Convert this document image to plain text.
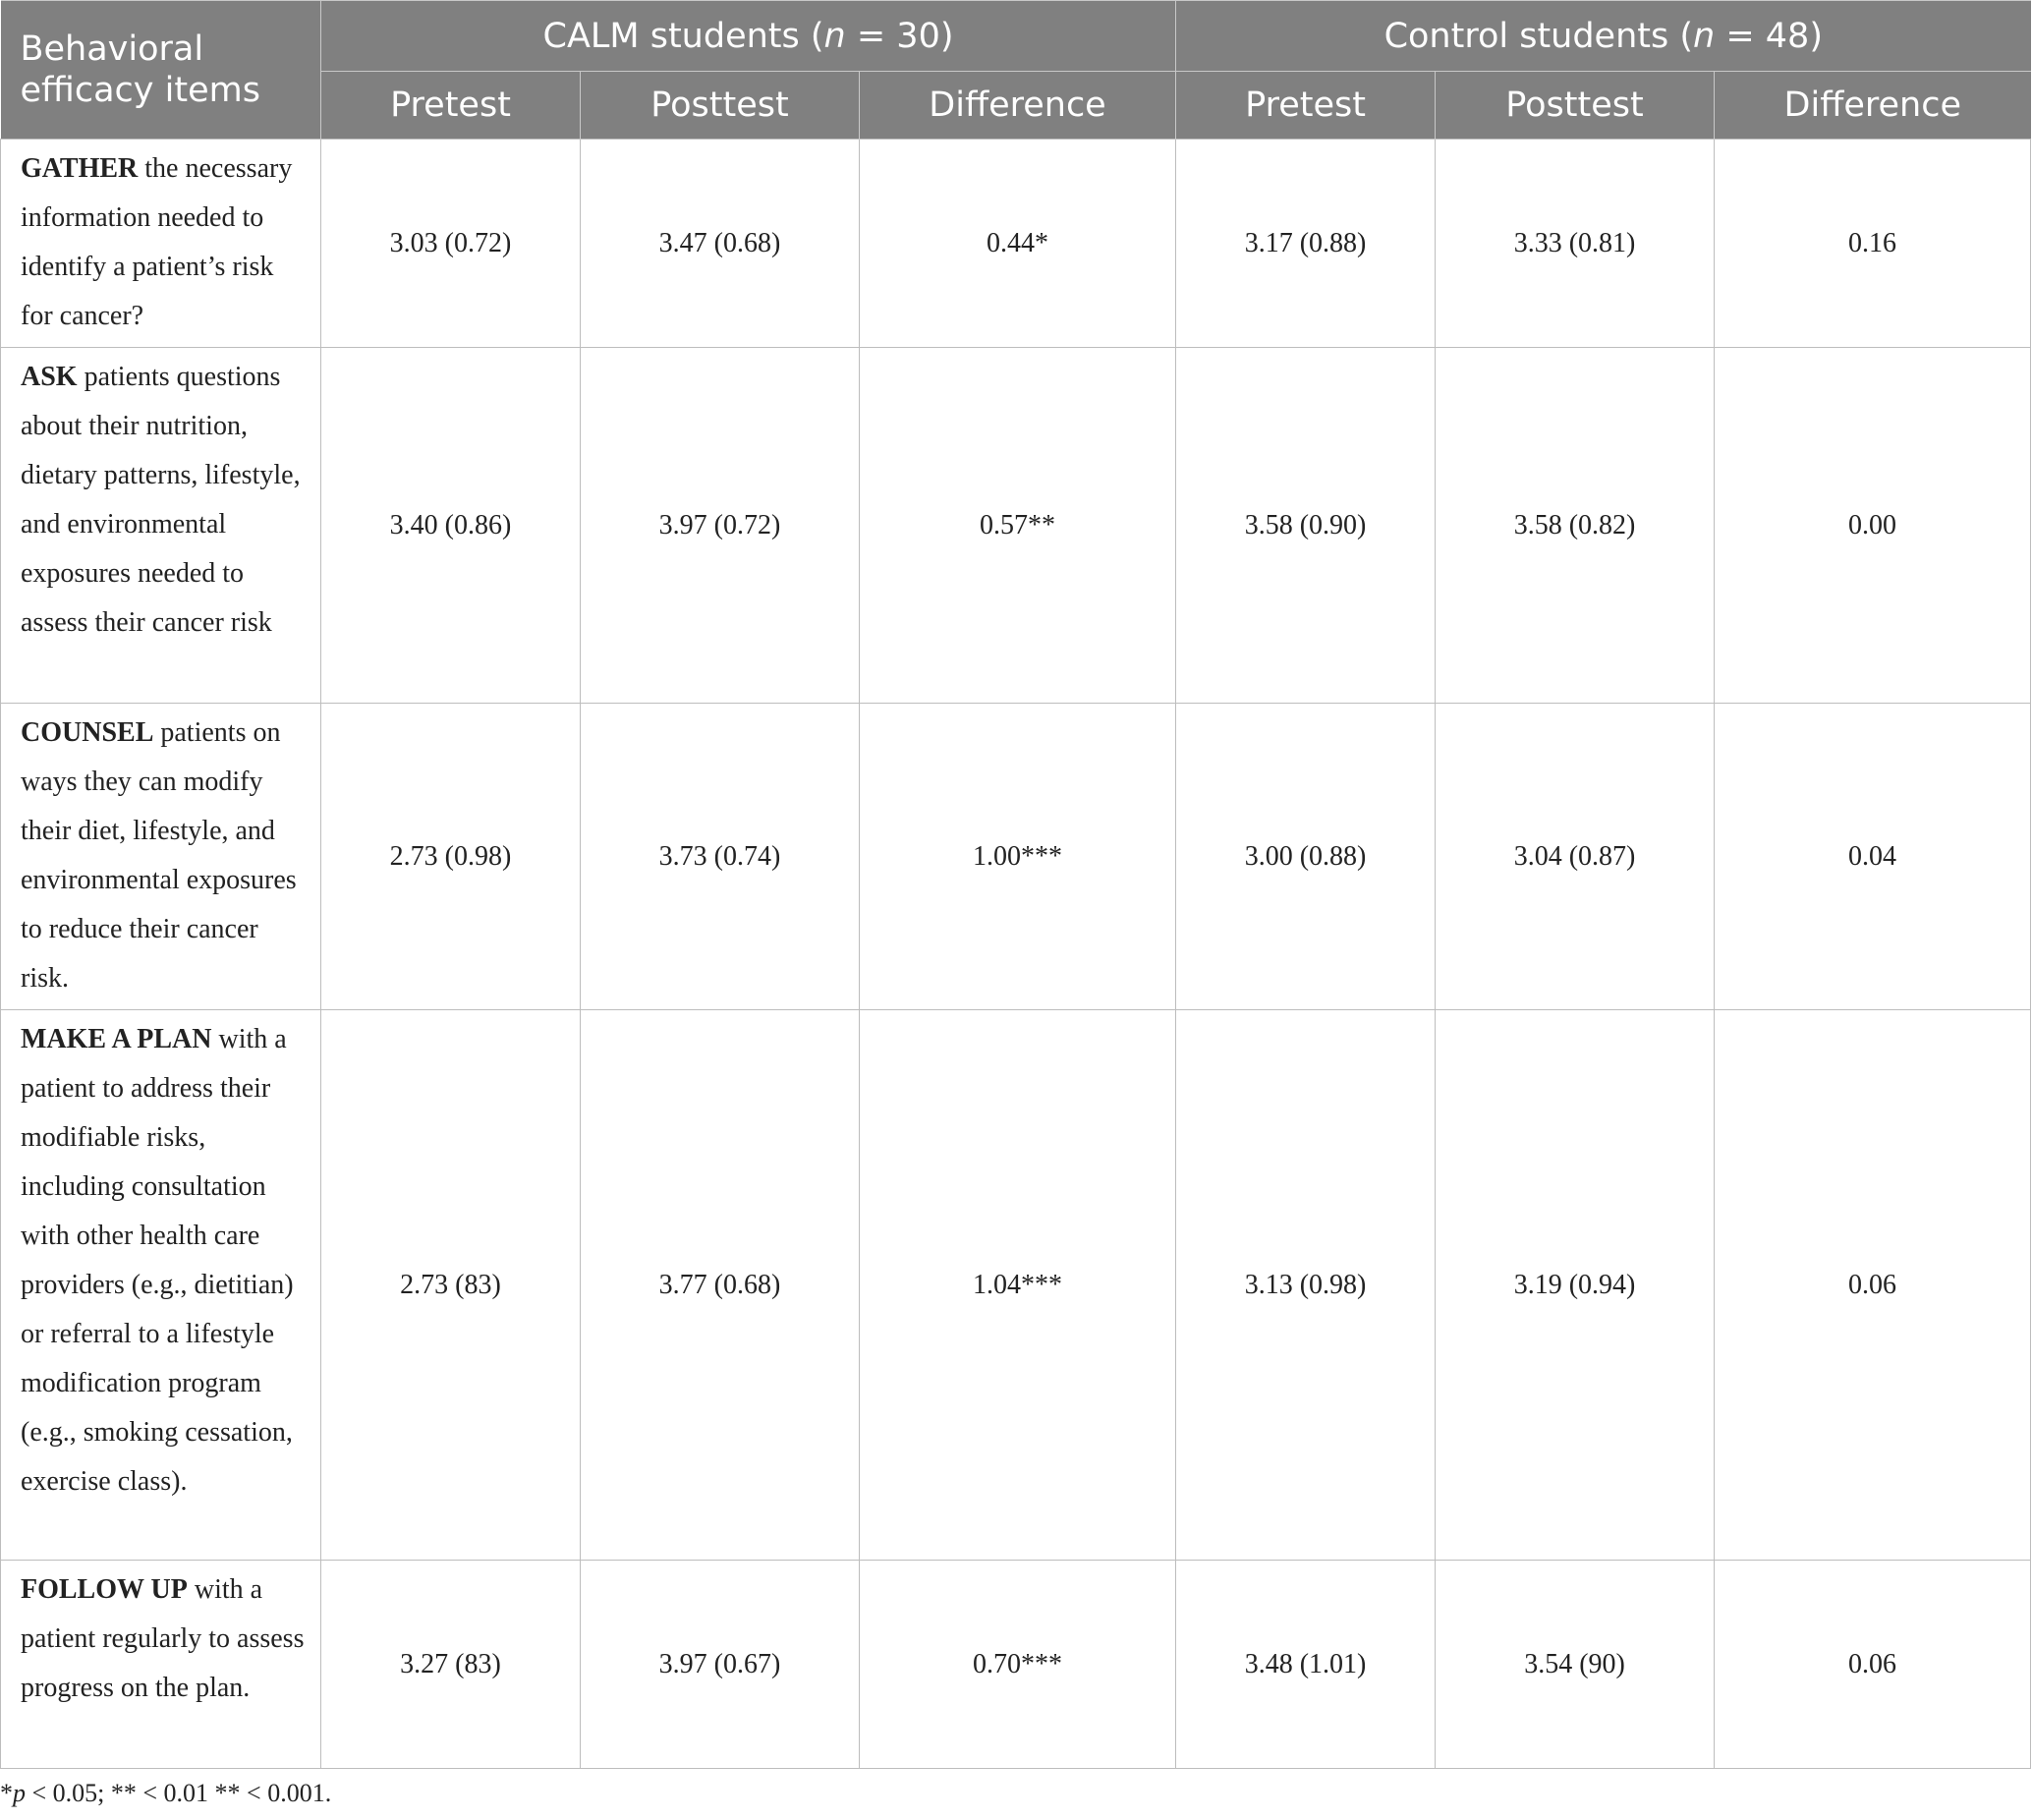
Behavioral efficacy items	CALM students (n = 30)			Control students (n = 48)		
	Pretest	Posttest	Difference	Pretest	Posttest	Difference
GATHER the necessary information needed to identify a patient’s risk for cancer?	3.03 (0.72)	3.47 (0.68)	0.44*	3.17 (0.88)	3.33 (0.81)	0.16
ASK patients questions about their nutrition, dietary patterns, lifestyle, and environmental exposures needed to assess their cancer risk	3.40 (0.86)	3.97 (0.72)	0.57**	3.58 (0.90)	3.58 (0.82)	0.00
COUNSEL patients on ways they can modify their diet, lifestyle, and environmental exposures to reduce their cancer risk.	2.73 (0.98)	3.73 (0.74)	1.00***	3.00 (0.88)	3.04 (0.87)	0.04
MAKE A PLAN with a patient to address their modifiable risks, including consultation with other health care providers (e.g., dietitian) or referral to a lifestyle modification program (e.g., smoking cessation, exercise class).	2.73 (83)	3.77 (0.68)	1.04***	3.13 (0.98)	3.19 (0.94)	0.06
FOLLOW UP with a patient regularly to assess progress on the plan.	3.27 (83)	3.97 (0.67)	0.70***	3.48 (1.01)	3.54 (90)	0.06
*p < 0.05; ** < 0.01 ** < 0.001.
